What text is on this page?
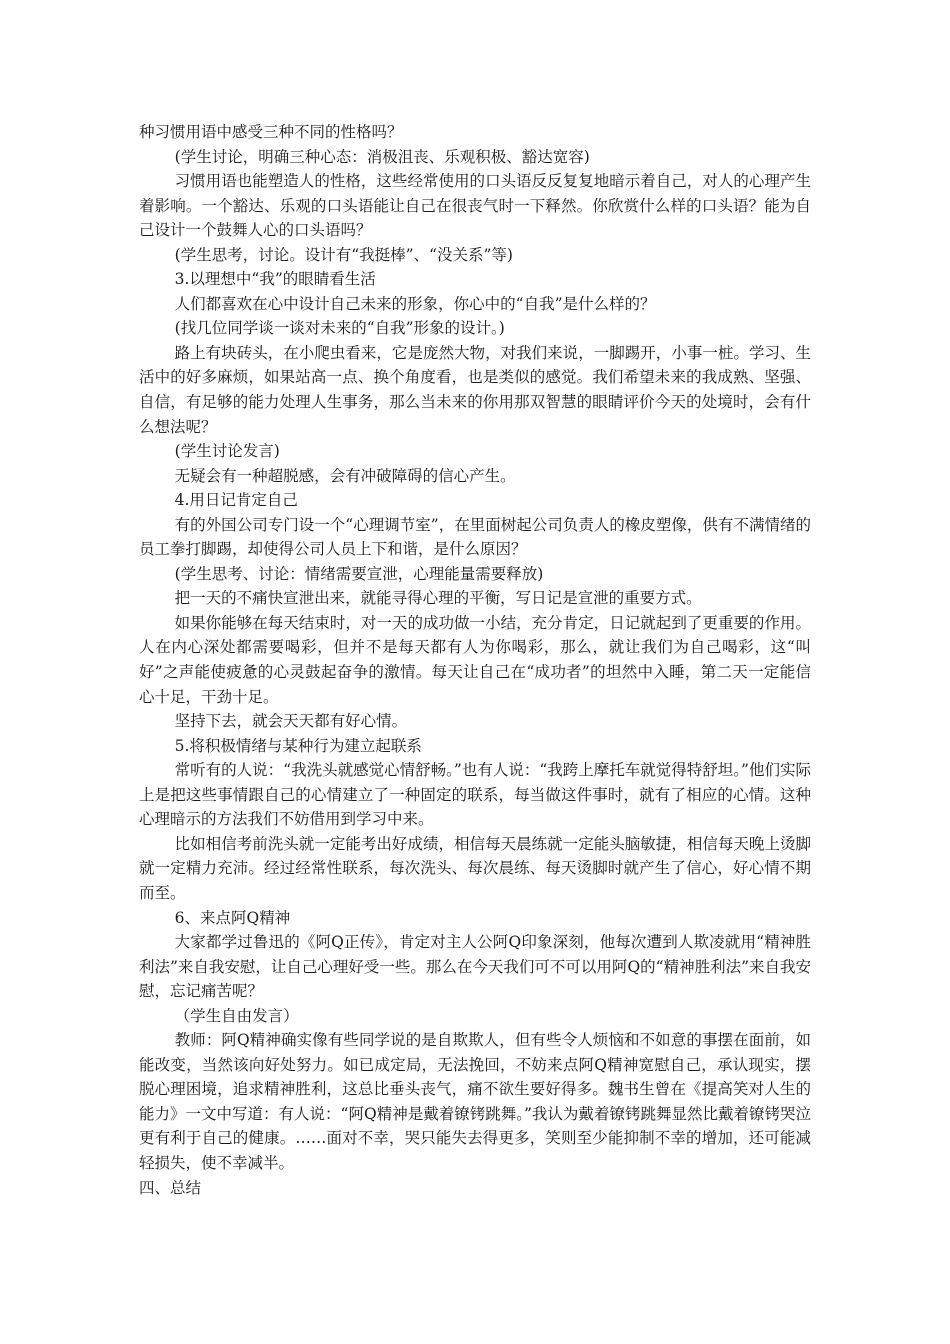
种习惯用语中感受三种不同的性格吗？

(学生讨论，明确三种心态：消极沮丧、乐观积极、豁达宽容)

习惯用语也能塑造人的性格，这些经常使用的口头语反反复复地暗示着自己，对人的心理产生着影响。一个豁达、乐观的口头语能让自己在很丧气时一下释然。你欣赏什么样的口头语？能为自己设计一个鼓舞人心的口头语吗？

(学生思考，讨论。设计有“我挺棒”、“没关系”等)

3.以理想中“我”的眼睛看生活

人们都喜欢在心中设计自己未来的形象，你心中的“自我”是什么样的？

(找几位同学谈一谈对未来的“自我”形象的设计。)

路上有块砖头，在小爬虫看来，它是庞然大物，对我们来说，一脚踢开，小事一桩。学习、生活中的好多麻烦，如果站高一点、换个角度看，也是类似的感觉。我们希望未来的我成熟、坚强、自信，有足够的能力处理人生事务，那么当未来的你用那双智慧的眼睛评价今天的处境时，会有什么想法呢？

(学生讨论发言)

无疑会有一种超脱感，会有冲破障碍的信心产生。

4.用日记肯定自己

有的外国公司专门设一个“心理调节室”，在里面树起公司负责人的橡皮塑像，供有不满情绪的员工拳打脚踢，却使得公司人员上下和谐，是什么原因？

(学生思考、讨论：情绪需要宣泄，心理能量需要释放)

把一天的不痛快宣泄出来，就能寻得心理的平衡，写日记是宣泄的重要方式。

如果你能够在每天结束时，对一天的成功做一小结，充分肯定，日记就起到了更重要的作用。人在内心深处都需要喝彩，但并不是每天都有人为你喝彩，那么，就让我们为自己喝彩，这“叫好”之声能使疲惫的心灵鼓起奋争的激情。每天让自己在“成功者”的坦然中入睡，第二天一定能信心十足，干劲十足。

坚持下去，就会天天都有好心情。

5.将积极情绪与某种行为建立起联系

常听有的人说：“我洗头就感觉心情舒畅。”也有人说：“我跨上摩托车就觉得特舒坦。”他们实际上是把这些事情跟自己的心情建立了一种固定的联系，每当做这件事时，就有了相应的心情。这种心理暗示的方法我们不妨借用到学习中来。

比如相信考前洗头就一定能考出好成绩，相信每天晨练就一定能头脑敏捷，相信每天晚上烫脚就一定精力充沛。经过经常性联系，每次洗头、每次晨练、每天烫脚时就产生了信心，好心情不期而至。

6、来点阿Q精神

大家都学过鲁迅的《阿Q正传》，肯定对主人公阿Q印象深刻，他每次遭到人欺凌就用“精神胜利法”来自我安慰，让自己心理好受一些。那么在今天我们可不可以用阿Q的“精神胜利法”来自我安慰，忘记痛苦呢？

（学生自由发言）

教师：阿Q精神确实像有些同学说的是自欺欺人，但有些令人烦恼和不如意的事摆在面前，如能改变，当然该向好处努力。如已成定局，无法挽回，不妨来点阿Q精神宽慰自己，承认现实，摆脱心理困境，追求精神胜利，这总比垂头丧气，痛不欲生要好得多。魏书生曾在《提高笑对人生的能力》一文中写道：有人说：“阿Q精神是戴着镣铐跳舞。”我认为戴着镣铐跳舞显然比戴着镣铐哭泣更有利于自己的健康。……面对不幸，哭只能失去得更多，笑则至少能抑制不幸的增加，还可能减轻损失，使不幸减半。

四、总结
